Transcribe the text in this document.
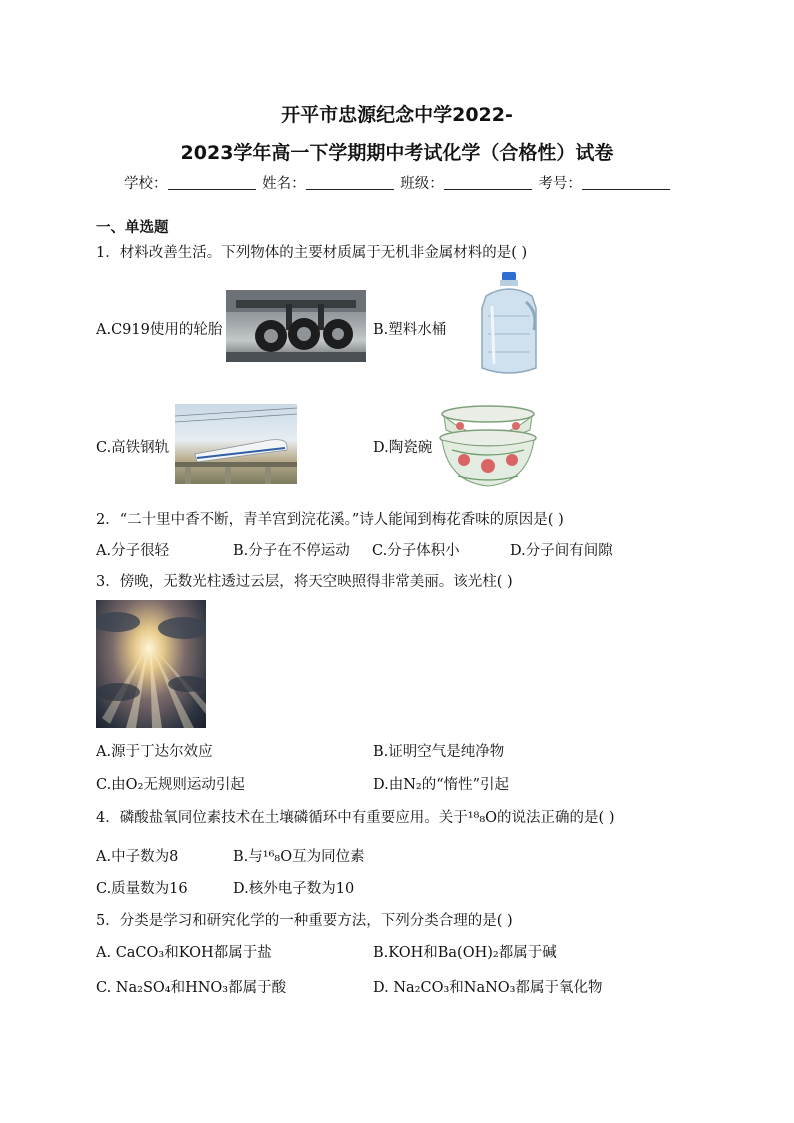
开平市忠源纪念中学2022-
2023学年高一下学期期中考试化学（合格性）试卷
学校：	姓名：	班级：	考号：
一、单选题
1．材料改善生活。下列物体的主要材质属于无机非金属材料的是( )
A.C919使用的轮胎	B.塑料水桶
C.高铁钢轨	D.陶瓷碗
2．“二十里中香不断，青羊宫到浣花溪。”诗人能闻到梅花香味的原因是( )
A.分子很轻	B.分子在不停运动 C.分子体积小	D.分子间有间隙
3．傍晚，无数光柱透过云层，将天空映照得非常美丽。该光柱( )
A.源于丁达尔效应	B.证明空气是纯净物
C.由O₂无规则运动引起	D.由N₂的“惰性”引起
4．磷酸盐氧同位素技术在土壤磷循环中有重要应用。关于¹⁸₈O的说法正确的是( )
A.中子数为8	B.与¹⁶₈O互为同位素
C.质量数为16	D.核外电子数为10
5．分类是学习和研究化学的一种重要方法，下列分类合理的是( )
A. CaCO₃和KOH都属于盐	B.KOH和Ba(OH)₂都属于碱
C. Na₂SO₄和HNO₃都属于酸	D. Na₂CO₃和NaNO₃都属于氧化物
